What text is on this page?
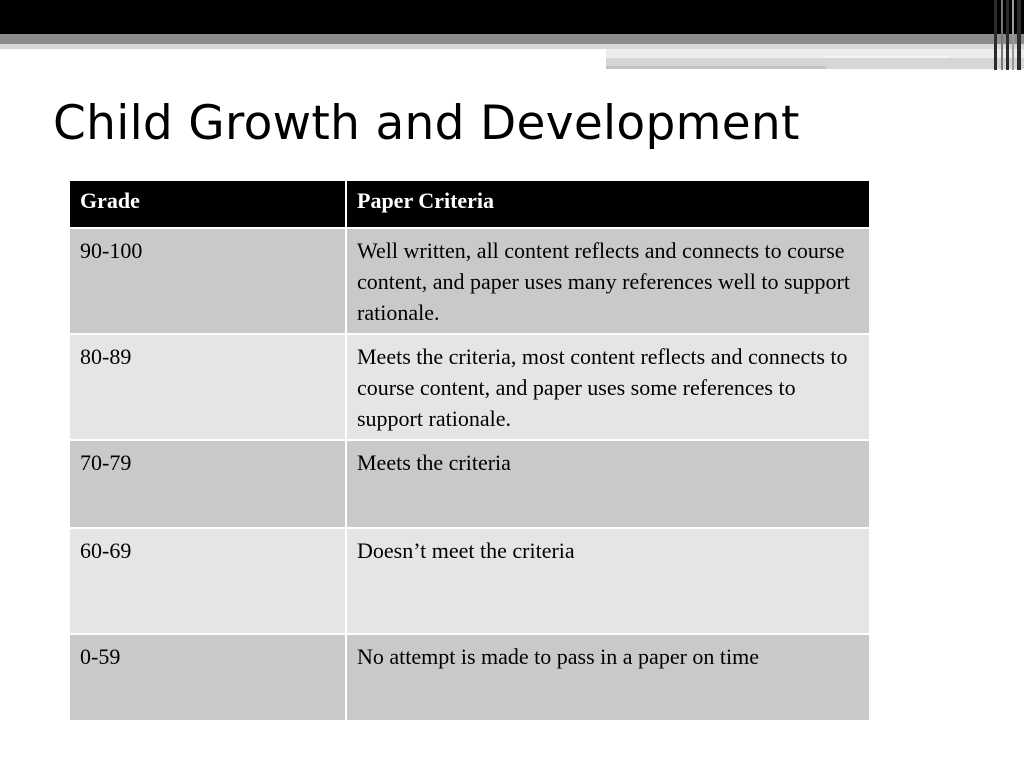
Child Growth and Development
Grade	Paper Criteria
90-100	Well written, all content reflects and connects to course content, and paper uses many references well to support rationale.
80-89	Meets the criteria, most content reflects and connects to course content, and paper uses some references to support rationale.
70-79	Meets the criteria
60-69	Doesn’t meet the criteria
0-59	No attempt is made to pass in a paper on time
